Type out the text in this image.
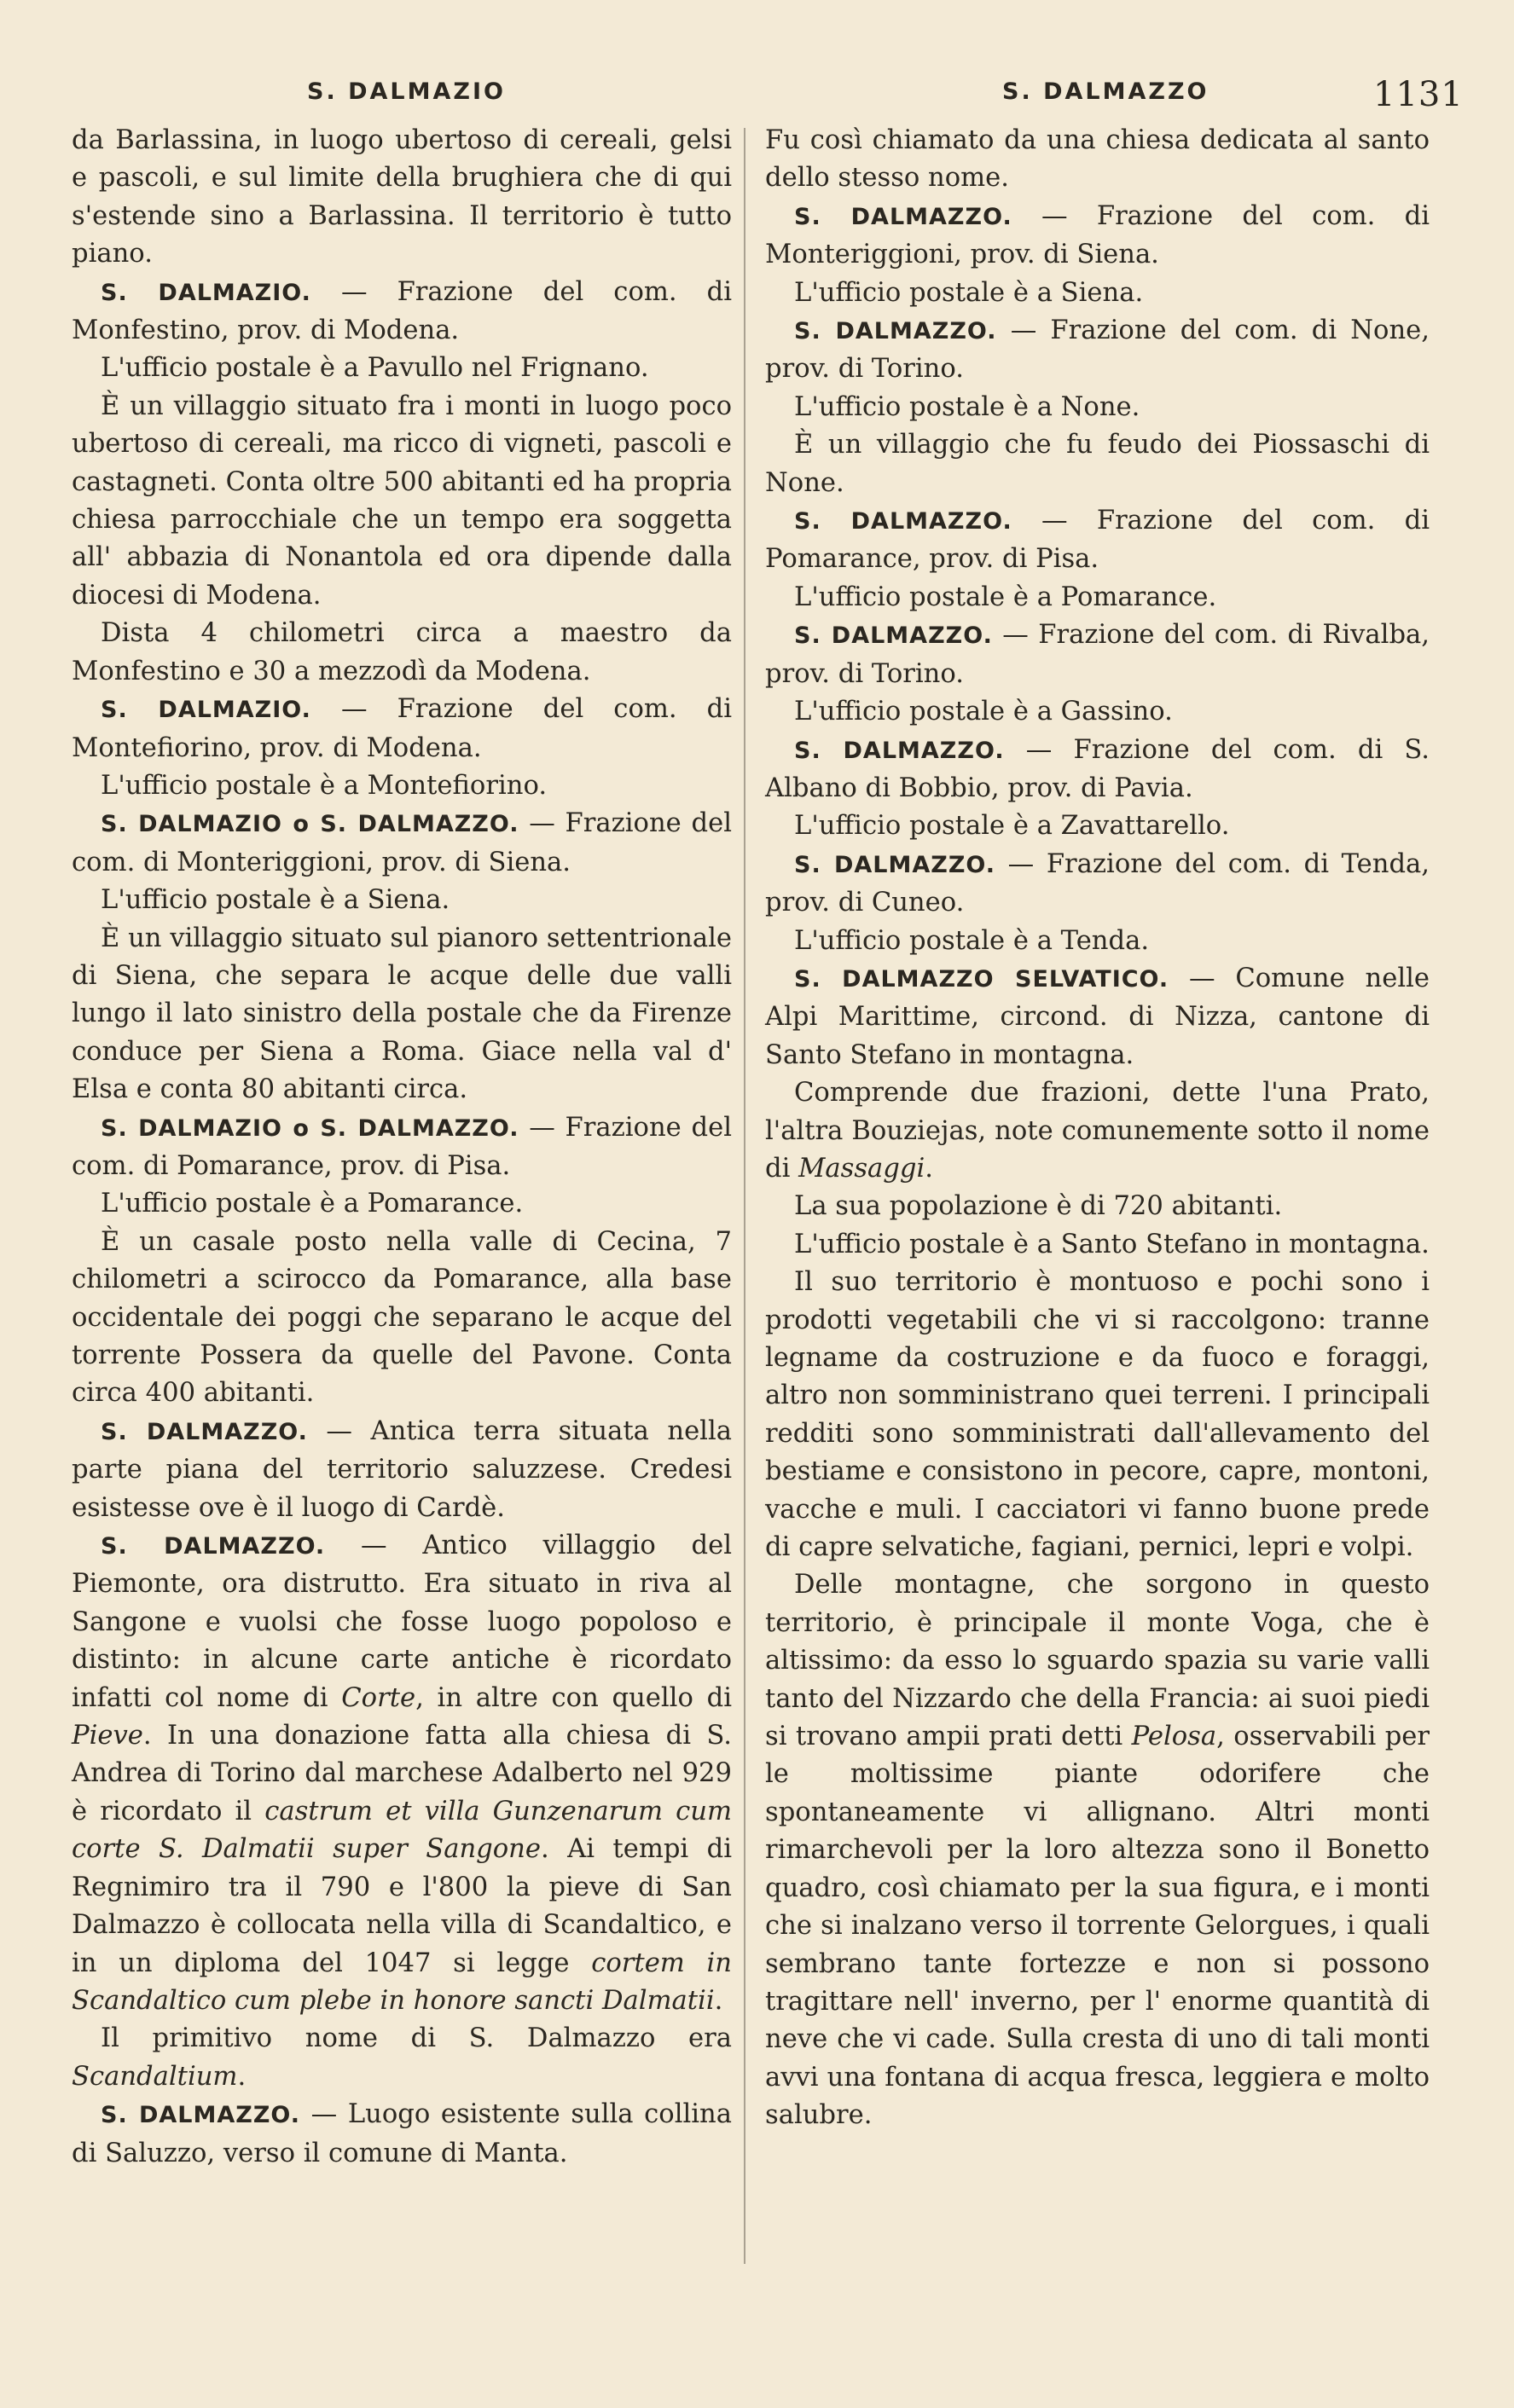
S. DALMAZIO	S. DALMAZZO	1131

da Barlassina, in luogo ubertoso di cereali, gelsi e pascoli, e sul limite della brughiera che di qui s'estende sino a Barlassina. Il territorio è tutto piano.

S. DALMAZIO. — Frazione del com. di Monfestino, prov. di Modena.

L'ufficio postale è a Pavullo nel Frignano.

È un villaggio situato fra i monti in luogo poco ubertoso di cereali, ma ricco di vigneti, pascoli e castagneti. Conta oltre 500 abitanti ed ha propria chiesa parrocchiale che un tempo era soggetta all' abbazia di Nonantola ed ora dipende dalla diocesi di Modena.

Dista 4 chilometri circa a maestro da Monfestino e 30 a mezzodì da Modena.

S. DALMAZIO. — Frazione del com. di Montefiorino, prov. di Modena.

L'ufficio postale è a Montefiorino.

S. DALMAZIO o S. DALMAZZO. — Frazione del com. di Monteriggioni, prov. di Siena.

L'ufficio postale è a Siena.

È un villaggio situato sul pianoro settentrionale di Siena, che separa le acque delle due valli lungo il lato sinistro della postale che da Firenze conduce per Siena a Roma. Giace nella val d' Elsa e conta 80 abitanti circa.

S. DALMAZIO o S. DALMAZZO. — Frazione del com. di Pomarance, prov. di Pisa.

L'ufficio postale è a Pomarance.

È un casale posto nella valle di Cecina, 7 chilometri a scirocco da Pomarance, alla base occidentale dei poggi che separano le acque del torrente Possera da quelle del Pavone. Conta circa 400 abitanti.

S. DALMAZZO. — Antica terra situata nella parte piana del territorio saluzzese. Credesi esistesse ove è il luogo di Cardè.

S. DALMAZZO. — Antico villaggio del Piemonte, ora distrutto. Era situato in riva al Sangone e vuolsi che fosse luogo popoloso e distinto: in alcune carte antiche è ricordato infatti col nome di Corte, in altre con quello di Pieve. In una donazione fatta alla chiesa di S. Andrea di Torino dal marchese Adalberto nel 929 è ricordato il castrum et villa Gunzenarum cum corte S. Dalmatii super Sangone. Ai tempi di Regnimiro tra il 790 e l'800 la pieve di San Dalmazzo è collocata nella villa di Scandaltico, e in un diploma del 1047 si legge cortem in Scandaltico cum plebe in honore sancti Dalmatii.

Il primitivo nome di S. Dalmazzo era Scandaltium.

S. DALMAZZO. — Luogo esistente sulla collina di Saluzzo, verso il comune di Manta.

Fu così chiamato da una chiesa dedicata al santo dello stesso nome.

S. DALMAZZO. — Frazione del com. di Monteriggioni, prov. di Siena.

L'ufficio postale è a Siena.

S. DALMAZZO. — Frazione del com. di None, prov. di Torino.

L'ufficio postale è a None.

È un villaggio che fu feudo dei Piossaschi di None.

S. DALMAZZO. — Frazione del com. di Pomarance, prov. di Pisa.

L'ufficio postale è a Pomarance.

S. DALMAZZO. — Frazione del com. di Rivalba, prov. di Torino.

L'ufficio postale è a Gassino.

S. DALMAZZO. — Frazione del com. di S. Albano di Bobbio, prov. di Pavia.

L'ufficio postale è a Zavattarello.

S. DALMAZZO. — Frazione del com. di Tenda, prov. di Cuneo.

L'ufficio postale è a Tenda.

S. DALMAZZO SELVATICO. — Comune nelle Alpi Marittime, circond. di Nizza, cantone di Santo Stefano in montagna.

Comprende due frazioni, dette l'una Prato, l'altra Bouziejas, note comunemente sotto il nome di Massaggi.

La sua popolazione è di 720 abitanti.

L'ufficio postale è a Santo Stefano in montagna.

Il suo territorio è montuoso e pochi sono i prodotti vegetabili che vi si raccolgono: tranne legname da costruzione e da fuoco e foraggi, altro non somministrano quei terreni. I principali redditi sono somministrati dall'allevamento del bestiame e consistono in pecore, capre, montoni, vacche e muli. I cacciatori vi fanno buone prede di capre selvatiche, fagiani, pernici, lepri e volpi.

Delle montagne, che sorgono in questo territorio, è principale il monte Voga, che è altissimo: da esso lo sguardo spazia su varie valli tanto del Nizzardo che della Francia: ai suoi piedi si trovano ampii prati detti Pelosa, osservabili per le moltissime piante odorifere che spontaneamente vi allignano. Altri monti rimarchevoli per la loro altezza sono il Bonetto quadro, così chiamato per la sua figura, e i monti che si inalzano verso il torrente Gelorgues, i quali sembrano tante fortezze e non si possono tragittare nell' inverno, per l' enorme quantità di neve che vi cade. Sulla cresta di uno di tali monti avvi una fontana di acqua fresca, leggiera e molto salubre.
